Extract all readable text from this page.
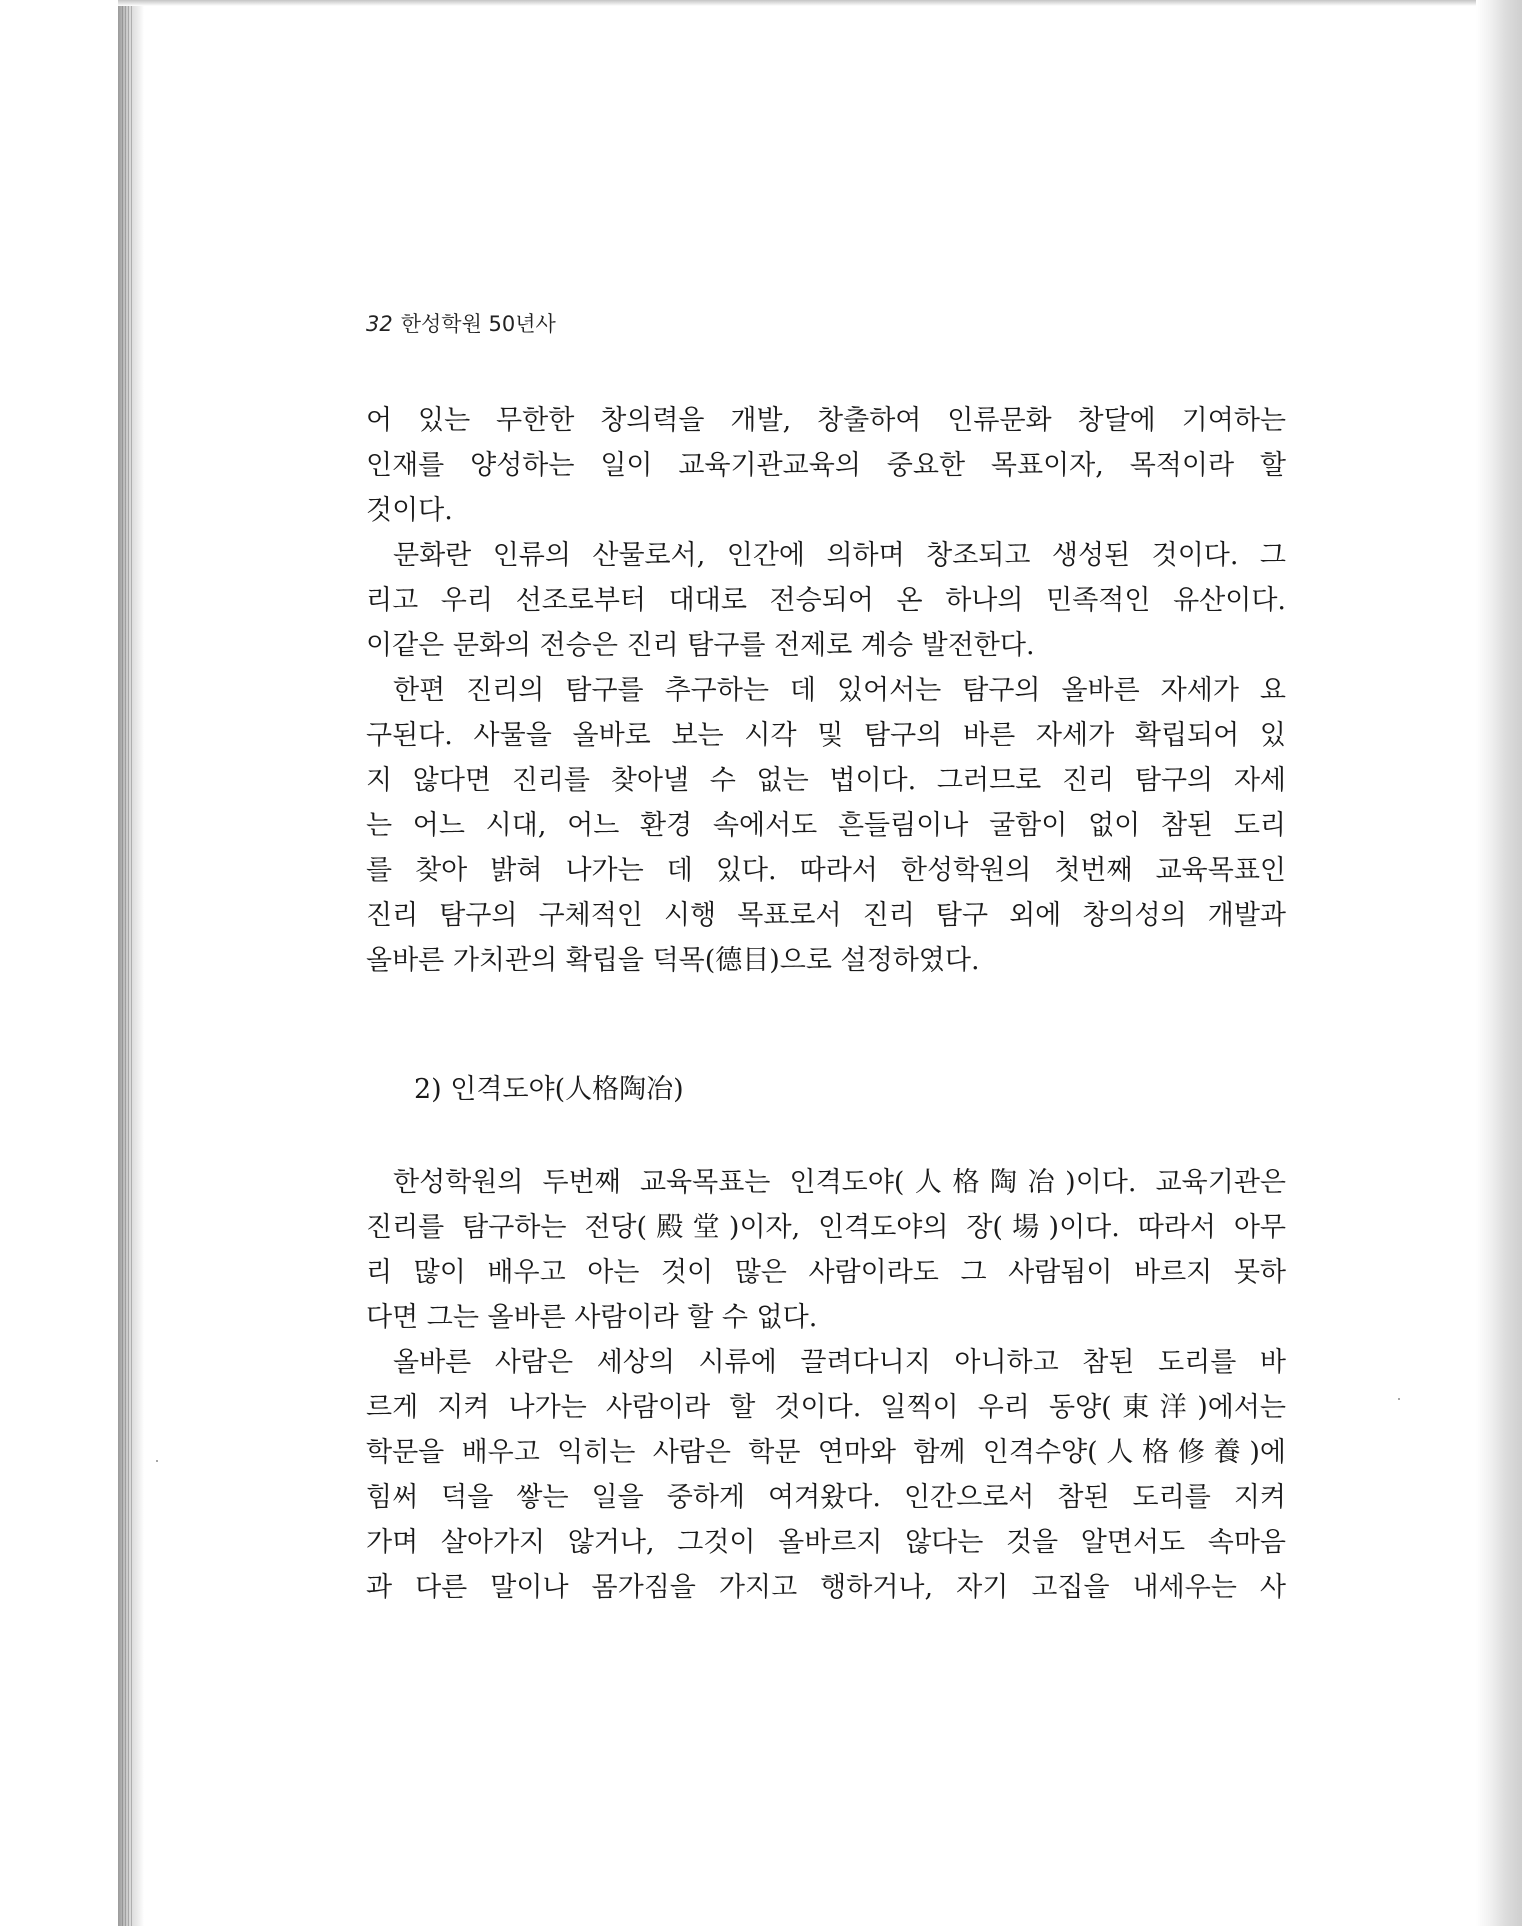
32 한성학원 50년사
어 있는 무한한 창의력을 개발, 창출하여 인류문화 창달에 기여하는
인재를 양성하는 일이 교육기관교육의 중요한 목표이자, 목적이라 할
것이다.
문화란 인류의 산물로서, 인간에 의하며 창조되고 생성된 것이다. 그
리고 우리 선조로부터 대대로 전승되어 온 하나의 민족적인 유산이다.
이같은 문화의 전승은 진리 탐구를 전제로 계승 발전한다.
한편 진리의 탐구를 추구하는 데 있어서는 탐구의 올바른 자세가 요
구된다. 사물을 올바로 보는 시각 및 탐구의 바른 자세가 확립되어 있
지 않다면 진리를 찾아낼 수 없는 법이다. 그러므로 진리 탐구의 자세
는 어느 시대, 어느 환경 속에서도 흔들림이나 굴함이 없이 참된 도리
를 찾아 밝혀 나가는 데 있다. 따라서 한성학원의 첫번째 교육목표인
진리 탐구의 구체적인 시행 목표로서 진리 탐구 외에 창의성의 개발과
올바른 가치관의 확립을 덕목(德目)으로 설정하였다.
2) 인격도야(人格陶冶)
한성학원의 두번째 교육목표는 인격도야(人格陶冶)이다. 교육기관은
진리를 탐구하는 전당(殿堂)이자, 인격도야의 장(場)이다. 따라서 아무
리 많이 배우고 아는 것이 많은 사람이라도 그 사람됨이 바르지 못하
다면 그는 올바른 사람이라 할 수 없다.
올바른 사람은 세상의 시류에 끌려다니지 아니하고 참된 도리를 바
르게 지켜 나가는 사람이라 할 것이다. 일찍이 우리 동양(東洋)에서는
학문을 배우고 익히는 사람은 학문 연마와 함께 인격수양(人格修養)에
힘써 덕을 쌓는 일을 중하게 여겨왔다. 인간으로서 참된 도리를 지켜
가며 살아가지 않거나, 그것이 올바르지 않다는 것을 알면서도 속마음
과 다른 말이나 몸가짐을 가지고 행하거나, 자기 고집을 내세우는 사
